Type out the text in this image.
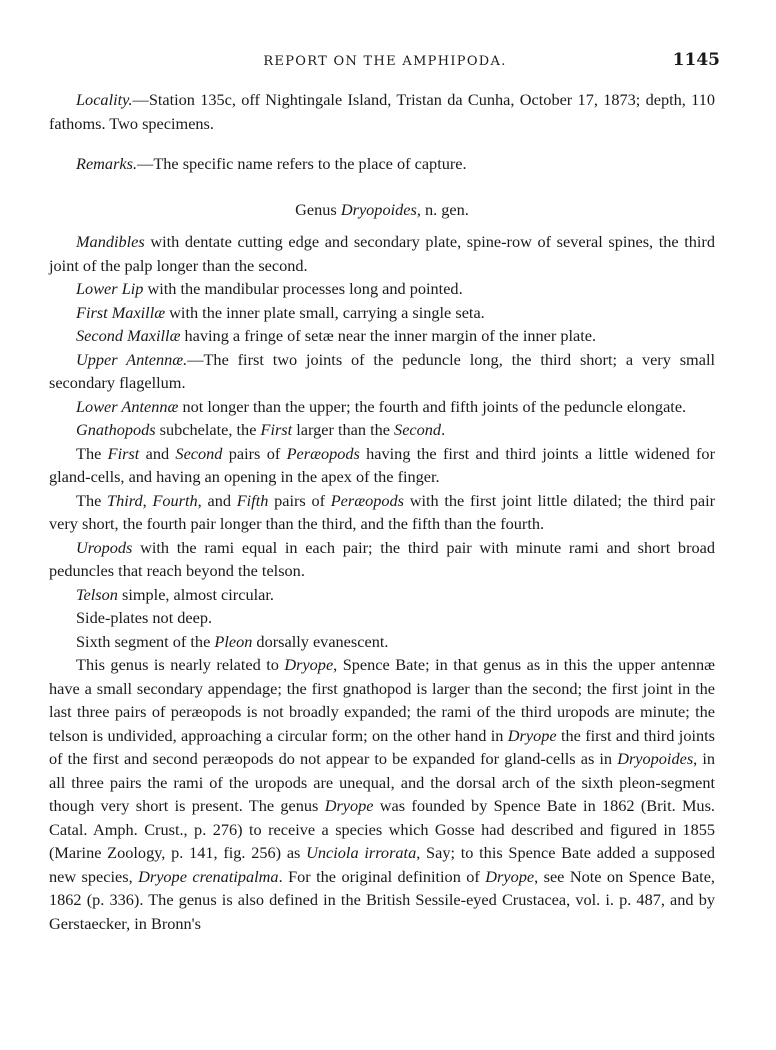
REPORT ON THE AMPHIPODA.	1145

Locality.—Station 135c, off Nightingale Island, Tristan da Cunha, October 17, 1873; depth, 110 fathoms. Two specimens.

Remarks.—The specific name refers to the place of capture.

Genus Dryopoides, n. gen.

Mandibles with dentate cutting edge and secondary plate, spine-row of several spines, the third joint of the palp longer than the second.

Lower Lip with the mandibular processes long and pointed.

First Maxillæ with the inner plate small, carrying a single seta.

Second Maxillæ having a fringe of setæ near the inner margin of the inner plate.

Upper Antennæ.—The first two joints of the peduncle long, the third short; a very small secondary flagellum.

Lower Antennæ not longer than the upper; the fourth and fifth joints of the peduncle elongate.

Gnathopods subchelate, the First larger than the Second.

The First and Second pairs of Peræopods having the first and third joints a little widened for gland-cells, and having an opening in the apex of the finger.

The Third, Fourth, and Fifth pairs of Peræopods with the first joint little dilated; the third pair very short, the fourth pair longer than the third, and the fifth than the fourth.

Uropods with the rami equal in each pair; the third pair with minute rami and short broad peduncles that reach beyond the telson.

Telson simple, almost circular.

Side-plates not deep.

Sixth segment of the Pleon dorsally evanescent.

This genus is nearly related to Dryope, Spence Bate; in that genus as in this the upper antennæ have a small secondary appendage; the first gnathopod is larger than the second; the first joint in the last three pairs of peræopods is not broadly expanded; the rami of the third uropods are minute; the telson is undivided, approaching a circular form; on the other hand in Dryope the first and third joints of the first and second peræopods do not appear to be expanded for gland-cells as in Dryopoides, in all three pairs the rami of the uropods are unequal, and the dorsal arch of the sixth pleon-segment though very short is present. The genus Dryope was founded by Spence Bate in 1862 (Brit. Mus. Catal. Amph. Crust., p. 276) to receive a species which Gosse had described and figured in 1855 (Marine Zoology, p. 141, fig. 256) as Unciola irrorata, Say; to this Spence Bate added a supposed new species, Dryope crenatipalma. For the original definition of Dryope, see Note on Spence Bate, 1862 (p. 336). The genus is also defined in the British Sessile-eyed Crustacea, vol. i. p. 487, and by Gerstaecker, in Bronn's
